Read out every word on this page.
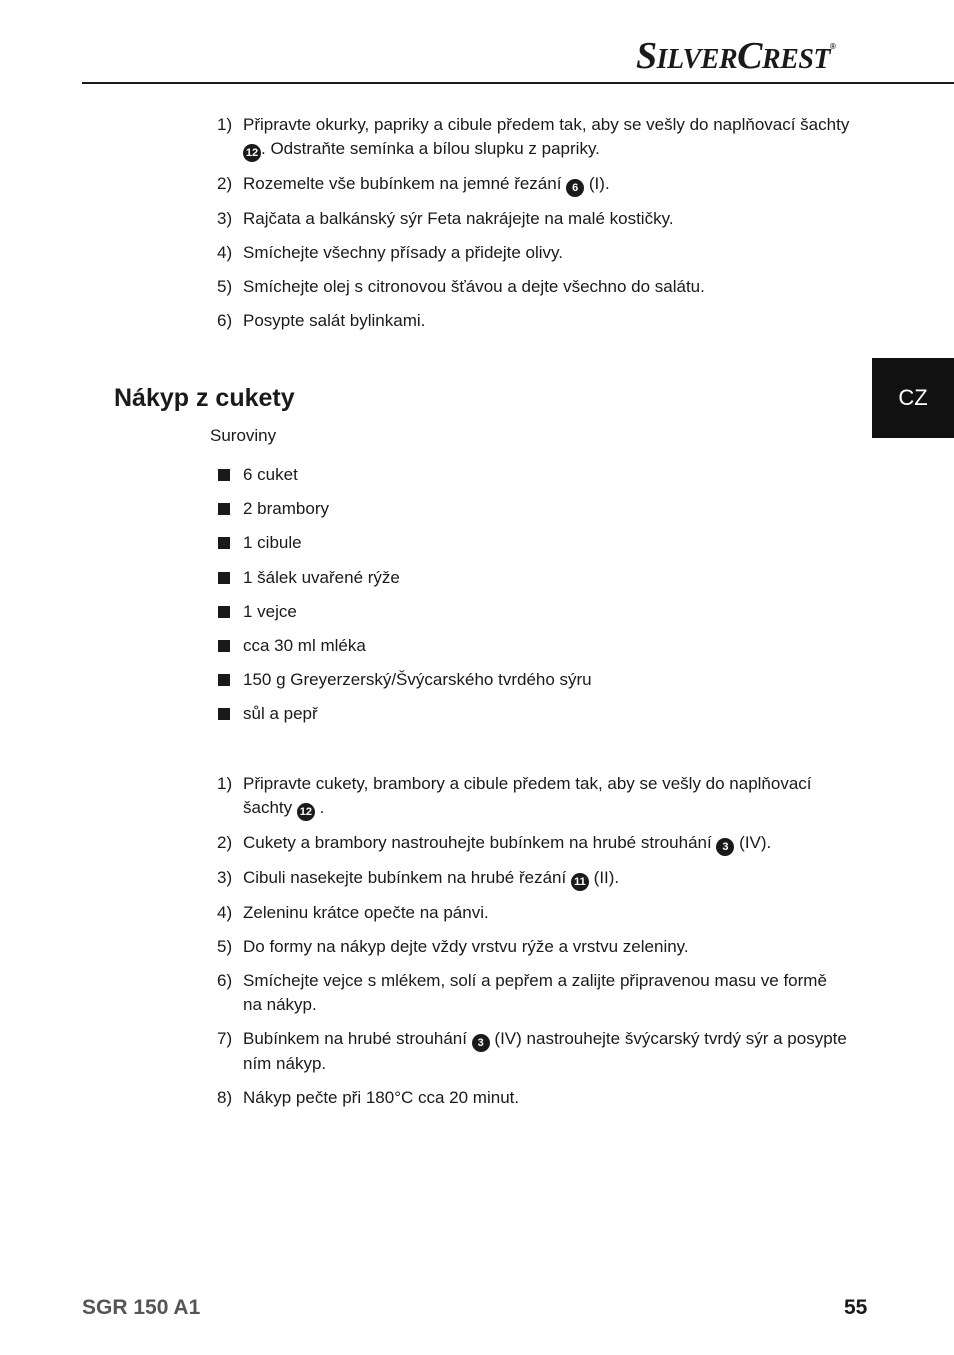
SILVERCREST®
CZ
1) Připravte okurky, papriky a cibule předem tak, aby se vešly do naplňovací šachty 12 . Odstraňte semínka a bílou slupku z papriky.
2) Rozemelte vše bubínkem na jemné řezání 6 (I).
3) Rajčata a balkánský sýr Feta nakrájejte na malé kostičky.
4) Smíchejte všechny přísady a přidejte olivy.
5) Smíchejte olej s citronovou šťávou a dejte všechno do salátu.
6) Posypte salát bylinkami.
Nákyp z cukety
Suroviny
6 cuket
2 brambory
1 cibule
1 šálek uvařené rýže
1 vejce
cca 30 ml mléka
150 g Greyerzerský/Švýcarského tvrdého sýru
sůl a pepř
1) Připravte cukety, brambory a cibule předem tak, aby se vešly do naplňovací šachty 12 .
2) Cukety a brambory nastrouhejte bubínkem na hrubé strouhání 3 (IV).
3) Cibuli nasekejte bubínkem na hrubé řezání 11 (II).
4) Zeleninu krátce opečte na pánvi.
5) Do formy na nákyp dejte vždy vrstvu rýže a vrstvu zeleniny.
6) Smíchejte vejce s mlékem, solí a pepřem a zalijte připravenou masu ve formě na nákyp.
7) Bubínkem na hrubé strouhání 3 (IV) nastrouhejte švýcarský tvrdý sýr a posypte ním nákyp.
8) Nákyp pečte při 180°C cca 20 minut.
SGR 150 A1	55
